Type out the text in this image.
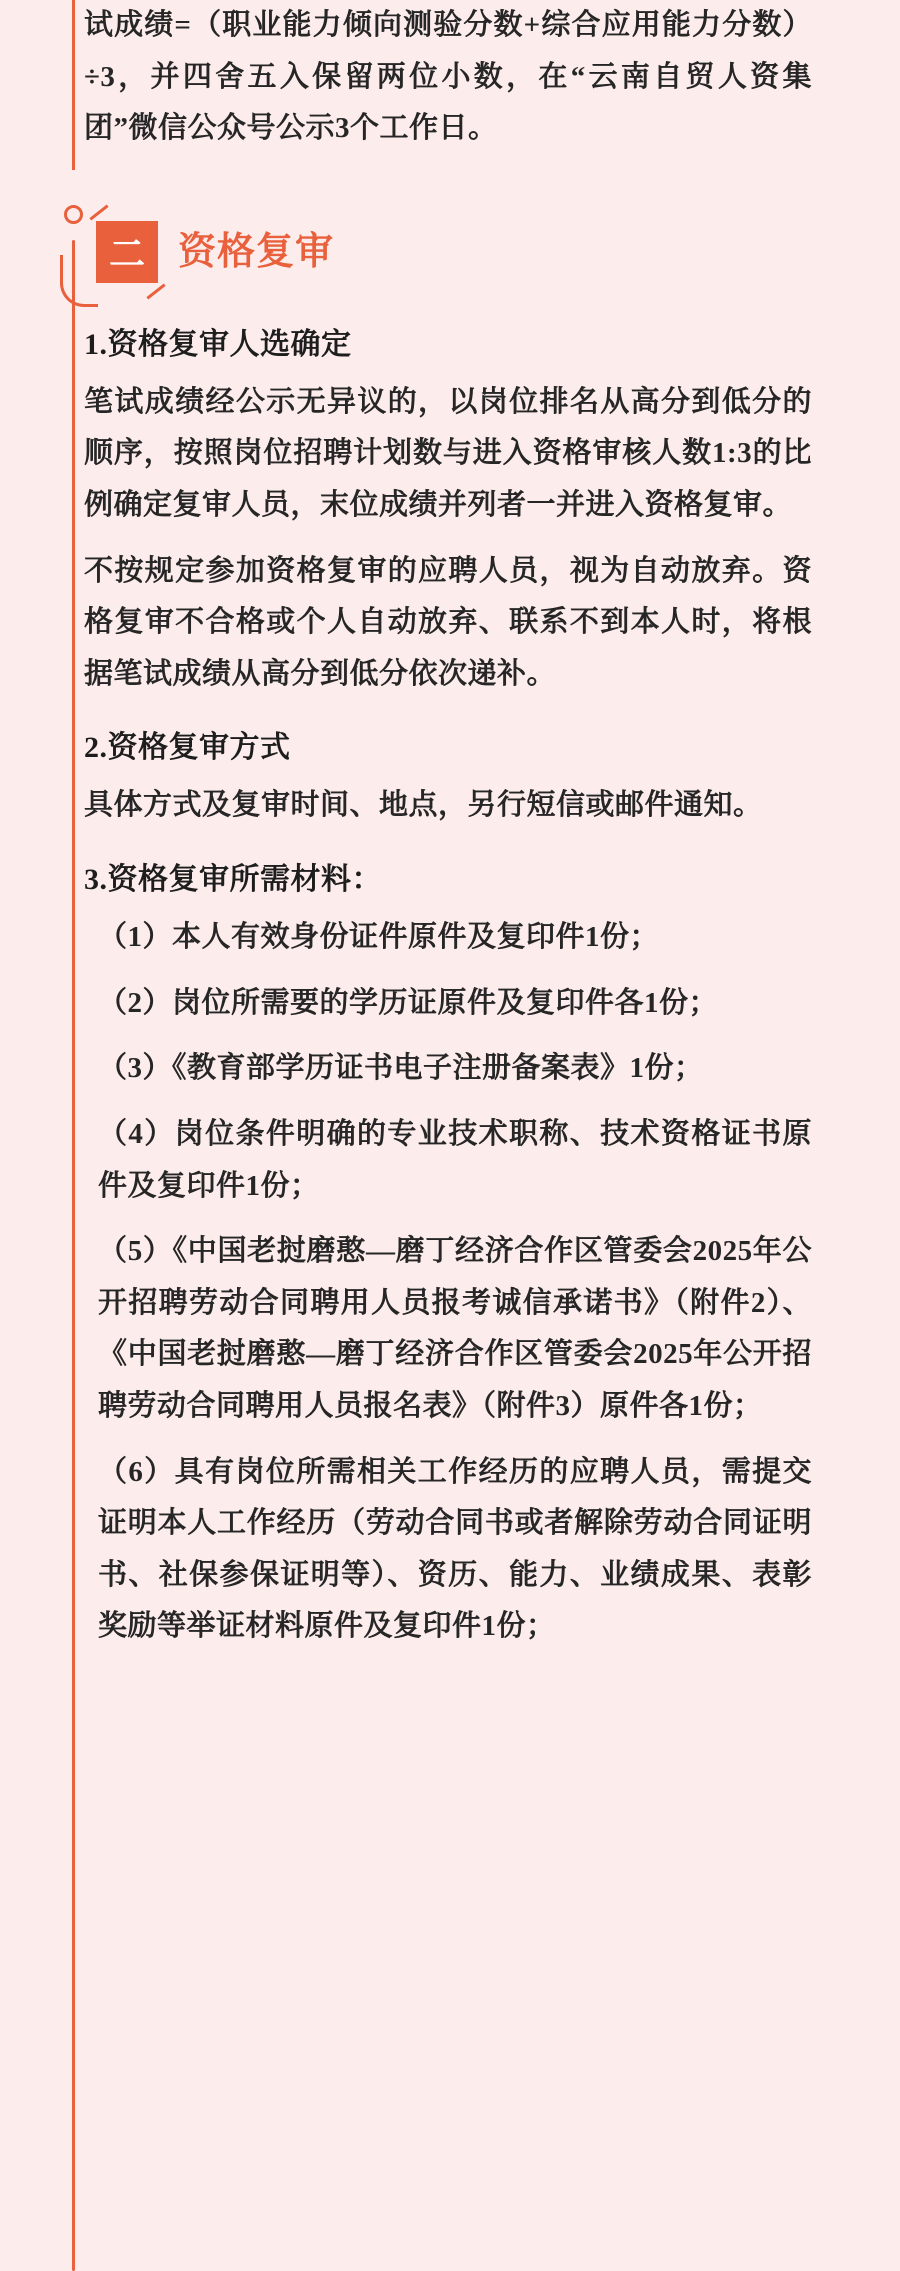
试成绩=（职业能力倾向测验分数+综合应用能力分数）÷3，并四舍五入保留两位小数，在“云南自贸人资集团”微信公众号公示3个工作日。

二 资格复审
1.资格复审人选确定

笔试成绩经公示无异议的，以岗位排名从高分到低分的顺序，按照岗位招聘计划数与进入资格审核人数1:3的比例确定复审人员，末位成绩并列者一并进入资格复审。

不按规定参加资格复审的应聘人员，视为自动放弃。资格复审不合格或个人自动放弃、联系不到本人时，将根据笔试成绩从高分到低分依次递补。

2.资格复审方式

具体方式及复审时间、地点，另行短信或邮件通知。

3.资格复审所需材料：

（1）本人有效身份证件原件及复印件1份；

（2）岗位所需要的学历证原件及复印件各1份；

（3）《教育部学历证书电子注册备案表》1份；

（4）岗位条件明确的专业技术职称、技术资格证书原件及复印件1份；

（5）《中国老挝磨憨―磨丁经济合作区管委会2025年公开招聘劳动合同聘用人员报考诚信承诺书》（附件2）、《中国老挝磨憨―磨丁经济合作区管委会2025年公开招聘劳动合同聘用人员报名表》（附件3）原件各1份；

（6）具有岗位所需相关工作经历的应聘人员，需提交证明本人工作经历（劳动合同书或者解除劳动合同证明书、社保参保证明等）、资历、能力、业绩成果、表彰奖励等举证材料原件及复印件1份；
